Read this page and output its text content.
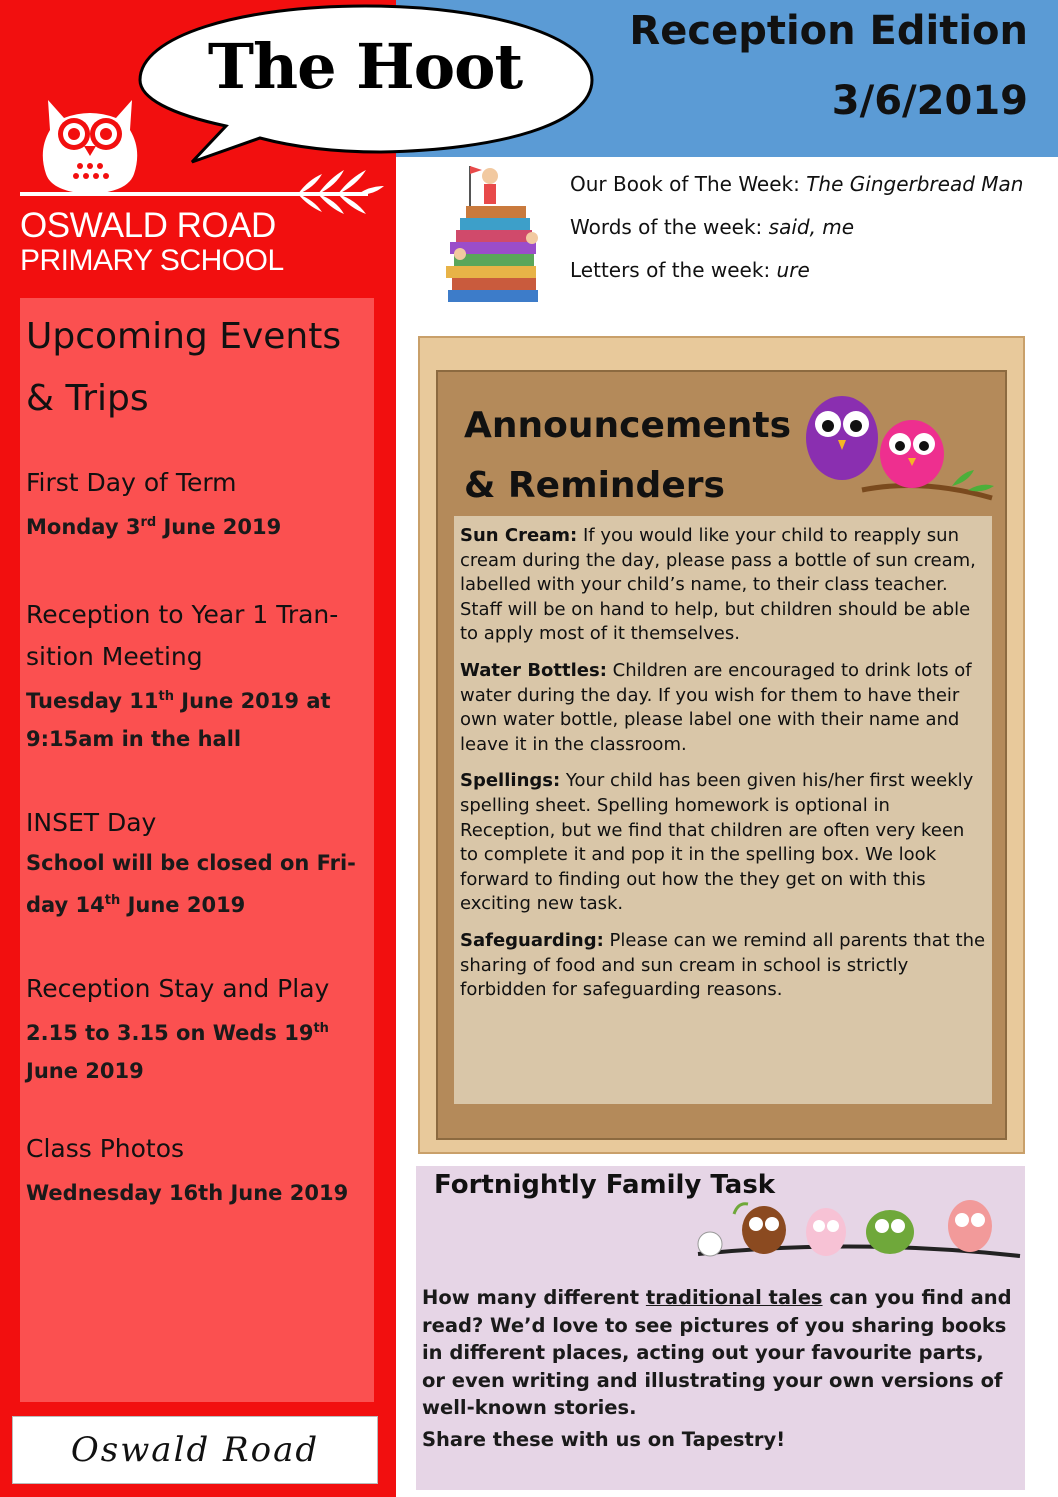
OSWALD ROAD
PRIMARY SCHOOL
Upcoming Events & Trips
First Day of Term
Monday 3rd June 2019
Reception to Year 1 Tran-sition Meeting
Tuesday 11th June 2019 at 9:15am in the hall
INSET Day
School will be closed on Fri-day 14th June 2019
Reception Stay and Play
2.15 to 3.15 on Weds 19th June 2019
Class Photos
Wednesday 16th June 2019
Oswald Road
Reception Edition
3/6/2019
The Hoot

Our Book of The Week: The Gingerbread Man

Words of the week: said, me

Letters of the week: ure

Announcements & Reminders

Sun Cream: If you would like your child to reapply sun cream during the day, please pass a bottle of sun cream, labelled with your child’s name, to their class teacher. Staff will be on hand to help, but children should be able to apply most of it themselves.

Water Bottles: Children are encouraged to drink lots of water during the day. If you wish for them to have their own water bottle, please label one with their name and leave it in the classroom.

Spellings: Your child has been given his/her first weekly spelling sheet. Spelling homework is optional in Reception, but we find that children are often very keen to complete it and pop it in the spelling box. We look forward to finding out how the they get on with this exciting new task.

Safeguarding: Please can we remind all parents that the sharing of food and sun cream in school is strictly forbidden for safeguarding reasons.

Fortnightly Family Task
How many different traditional tales can you find and read? We’d love to see pictures of you sharing books in different places, acting out your favourite parts, or even writing and illustrating your own versions of well-known stories.
Share these with us on Tapestry!
